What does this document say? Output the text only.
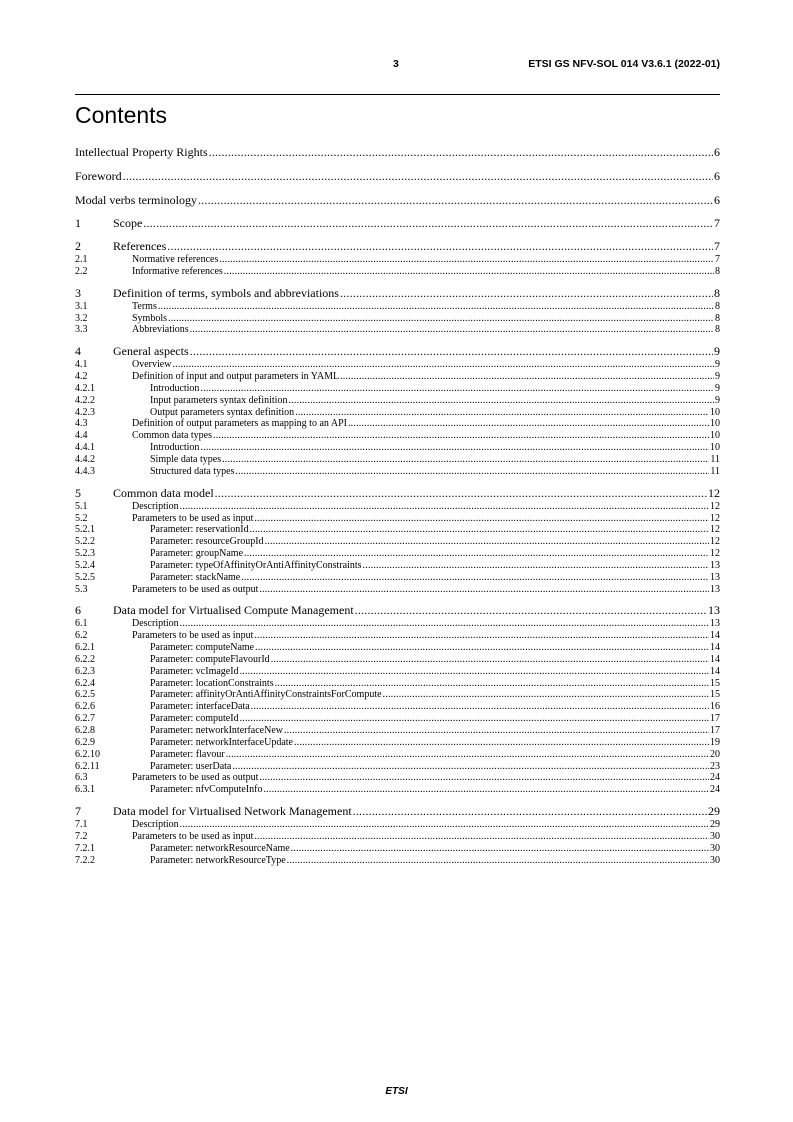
3	ETSI GS NFV-SOL 014 V3.6.1 (2022-01)
Contents
Intellectual Property Rights .....	6
Foreword .....	6
Modal verbs terminology .....	6
1	Scope .....	7
2	References .....	7
2.1	Normative references .....	7
2.2	Informative references .....	8
3	Definition of terms, symbols and abbreviations .....	8
3.1	Terms .....	8
3.2	Symbols .....	8
3.3	Abbreviations .....	8
4	General aspects .....	9
4.1	Overview .....	9
4.2	Definition of input and output parameters in YAML .....	9
4.2.1	Introduction .....	9
4.2.2	Input parameters syntax definition .....	9
4.2.3	Output parameters syntax definition .....	10
4.3	Definition of output parameters as mapping to an API .....	10
4.4	Common data types .....	10
4.4.1	Introduction .....	10
4.4.2	Simple data types .....	11
4.4.3	Structured data types .....	11
5	Common data model .....	12
5.1	Description .....	12
5.2	Parameters to be used as input .....	12
5.2.1	Parameter: reservationId .....	12
5.2.2	Parameter: resourceGroupId .....	12
5.2.3	Parameter: groupName .....	12
5.2.4	Parameter: typeOfAffinityOrAntiAffinityConstraints .....	13
5.2.5	Parameter: stackName .....	13
5.3	Parameters to be used as output .....	13
6	Data model for Virtualised Compute Management .....	13
6.1	Description .....	13
6.2	Parameters to be used as input .....	14
6.2.1	Parameter: computeName .....	14
6.2.2	Parameter: computeFlavourId .....	14
6.2.3	Parameter: vcImageId .....	14
6.2.4	Parameter: locationConstraints .....	15
6.2.5	Parameter: affinityOrAntiAffinityConstraintsForCompute .....	15
6.2.6	Parameter: interfaceData .....	16
6.2.7	Parameter: computeId .....	17
6.2.8	Parameter: networkInterfaceNew .....	17
6.2.9	Parameter: networkInterfaceUpdate .....	19
6.2.10	Parameter: flavour .....	20
6.2.11	Parameter: userData .....	23
6.3	Parameters to be used as output .....	24
6.3.1	Parameter: nfvComputeInfo .....	24
7	Data model for Virtualised Network Management .....	29
7.1	Description .....	29
7.2	Parameters to be used as input .....	30
7.2.1	Parameter: networkResourceName .....	30
7.2.2	Parameter: networkResourceType .....	30
ETSI
